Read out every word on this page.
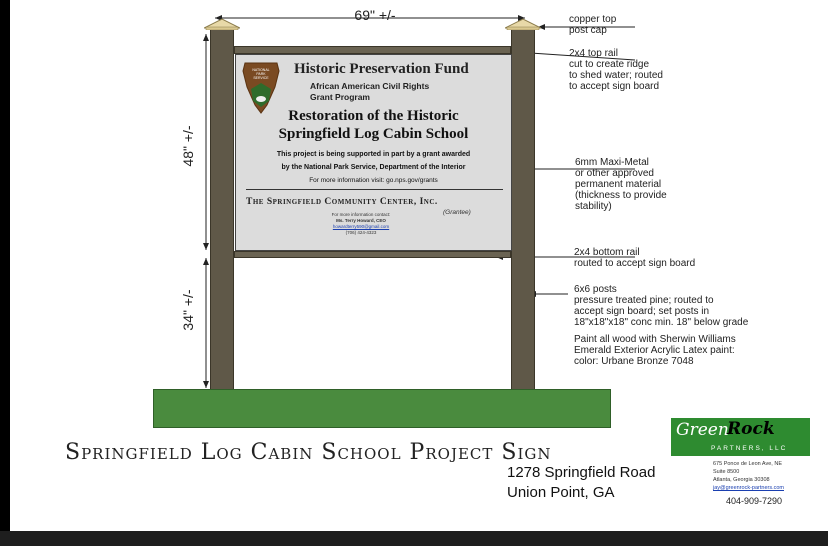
69" +/-
48" +/-
34" +/-
NATIONAL
PARK
SERVICE
Historic Preservation Fund
African American Civil Rights
Grant Program
Restoration of the Historic
Springfield Log Cabin School
This project is being supported in part by a grant awarded
by the National Park Service, Department of the Interior
For more information visit: go.nps.gov/grants
The Springfield Community Center, Inc.
(Grantee)
For more information contact:
Ms. Terry Howard, CEO
howardterry590@gmail.com
(706) 424-4323
copper top
post cap
2x4 top rail
cut to create ridge
to shed water; routed
to accept sign board
6mm Maxi-Metal
or other approved
permanent material
(thickness to provide
stability)
2x4 bottom rail
routed to accept sign board
6x6 posts
pressure treated pine; routed to
accept sign board; set posts in
18"x18"x18" conc min. 18" below grade
Paint all wood with Sherwin Williams
Emerald Exterior Acrylic Latex paint:
color: Urbane Bronze 7048
Springfield Log Cabin School Project Sign
1278 Springfield Road
Union Point, GA
Green
Rock
PARTNERS, LLC
675 Ponce de Leon Ave, NE
Suite 8500
Atlanta, Georgia 30308
jay@greenrock-partners.com
404-909-7290
